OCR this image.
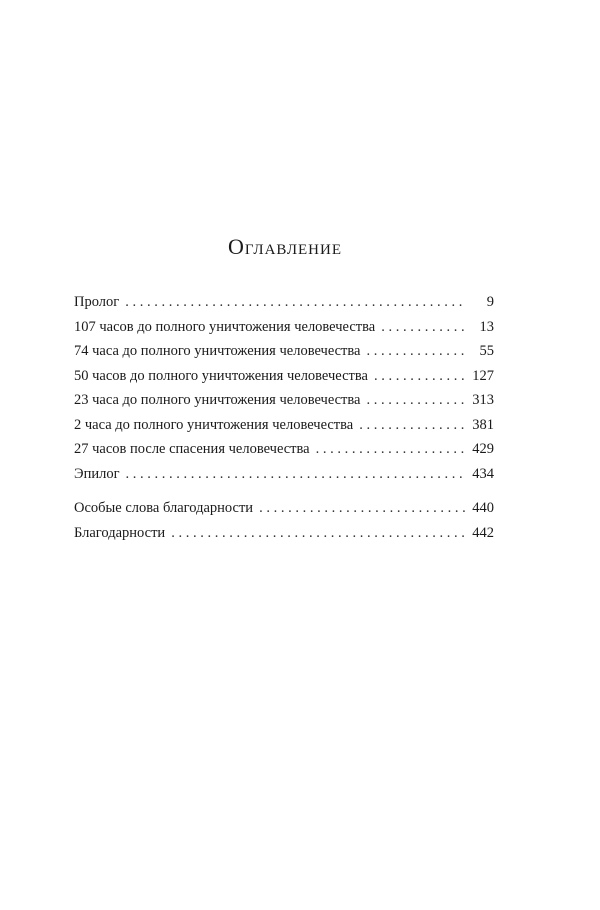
Оглавление
Пролог . . .	9
107 часов до полного уничтожения человечества . . .	13
74 часа до полного уничтожения человечества . . .	55
50 часов до полного уничтожения человечества . . .	127
23 часа до полного уничтожения человечества . . .	313
2 часа до полного уничтожения человечества . . .	381
27 часов после спасения человечества . . .	429
Эпилог . . .	434
Особые слова благодарности . . .	440
Благодарности . . .	442
